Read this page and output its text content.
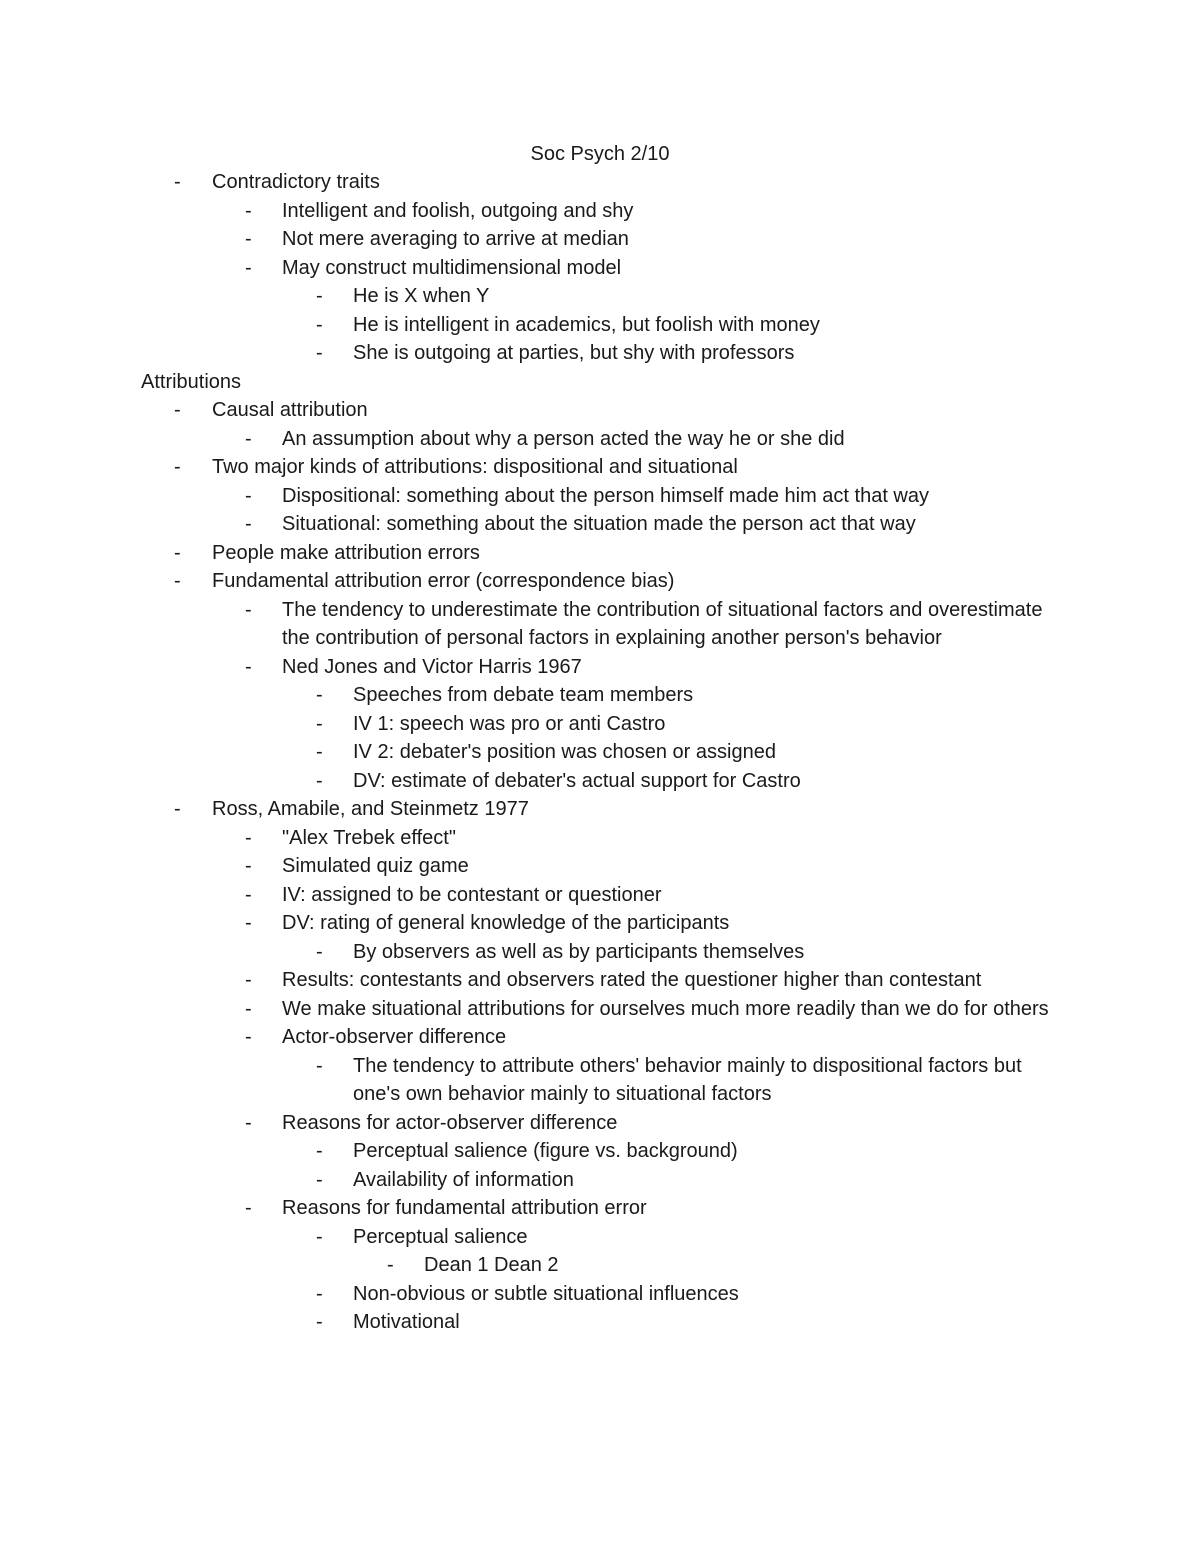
Soc Psych 2/10
- Contradictory traits
- Intelligent and foolish, outgoing and shy
- Not mere averaging to arrive at median
- May construct multidimensional model
- He is X when Y
- He is intelligent in academics, but foolish with money
- She is outgoing at parties, but shy with professors
Attributions
- Causal attribution
- An assumption about why a person acted the way he or she did
- Two major kinds of attributions: dispositional and situational
- Dispositional: something about the person himself made him act that way
- Situational: something about the situation made the person act that way
- People make attribution errors
- Fundamental attribution error (correspondence bias)
- The tendency to underestimate the contribution of situational factors and overestimate the contribution of personal factors in explaining another person's behavior
- Ned Jones and Victor Harris 1967
- Speeches from debate team members
- IV 1: speech was pro or anti Castro
- IV 2: debater's position was chosen or assigned
- DV: estimate of debater's actual support for Castro
- Ross, Amabile, and Steinmetz 1977
- "Alex Trebek effect"
- Simulated quiz game
- IV: assigned to be contestant or questioner
- DV: rating of general knowledge of the participants
- By observers as well as by participants themselves
- Results: contestants and observers rated the questioner higher than contestant
- We make situational attributions for ourselves much more readily than we do for others
- Actor-observer difference
- The tendency to attribute others' behavior mainly to dispositional factors but one's own behavior mainly to situational factors
- Reasons for actor-observer difference
- Perceptual salience (figure vs. background)
- Availability of information
- Reasons for fundamental attribution error
- Perceptual salience
- Dean 1 Dean 2
- Non-obvious or subtle situational influences
- Motivational
